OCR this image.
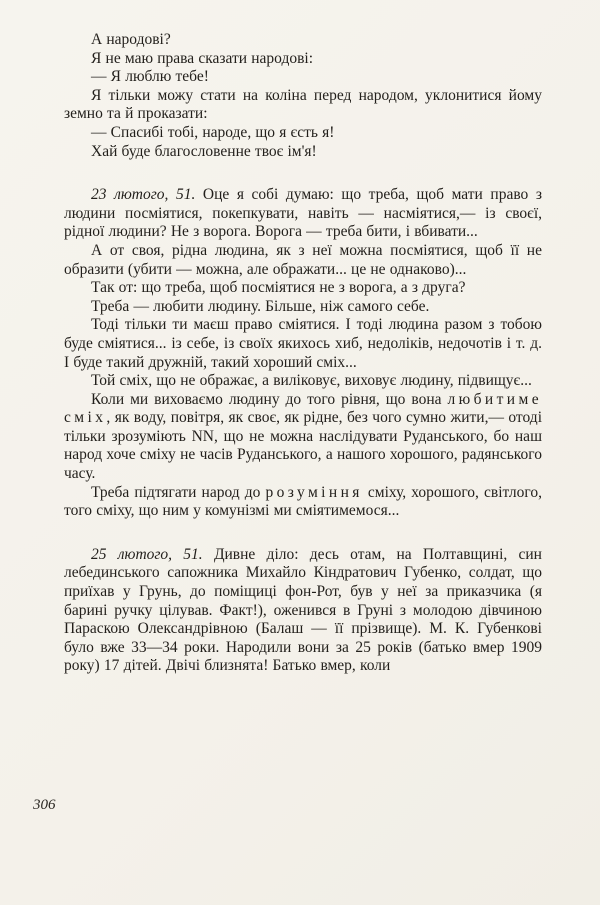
А народові?

Я не маю права сказати народові:

— Я люблю тебе!

Я тільки можу стати на коліна перед народом, уклонитися йому земно та й проказати:

— Спасибі тобі, народе, що я єсть я!

Хай буде благословенне твоє ім'я!

23 лютого, 51. Оце я собі думаю: що треба, щоб мати право з людини посміятися, покепкувати, навіть — насміятися,— із своєї, рідної людини? Не з ворога. Ворога — треба бити, і вбивати...

А от своя, рідна людина, як з неї можна посміятися, щоб її не образити (убити — можна, але ображати... це не однаково)...

Так от: що треба, щоб посміятися не з ворога, а з друга?

Треба — любити людину. Більше, ніж самого себе.

Тоді тільки ти маєш право сміятися. І тоді людина разом з тобою буде сміятися... із себе, із своїх якихось хиб, недоліків, недочотів і т. д. І буде такий дружній, такий хороший сміх...

Той сміх, що не ображає, а виліковує, виховує людину, підвищує...

Коли ми виховаємо людину до того рівня, що вона любитиме сміх, як воду, повітря, як своє, як рідне, без чого сумно жити,— отоді тільки зрозуміють NN, що не можна наслідувати Руданського, бо наш народ хоче сміху не часів Руданського, а нашого хорошого, радянського часу.

Треба підтягати народ до розуміння сміху, хорошого, світлого, того сміху, що ним у комунізмі ми сміятимемося...

25 лютого, 51. Дивне діло: десь отам, на Полтавщині, син лебединського сапожника Михайло Кіндратович Губенко, солдат, що приїхав у Грунь, до поміщиці фон-Рот, був у неї за приказчика (я барині ручку цілував. Факт!), оженився в Груні з молодою дівчиною Параскою Олександрівною (Балаш — її прізвище). М. К. Губенкові було вже 33—34 роки. Народили вони за 25 років (батько вмер 1909 року) 17 дітей. Двічі близнята! Батько вмер, коли

306
